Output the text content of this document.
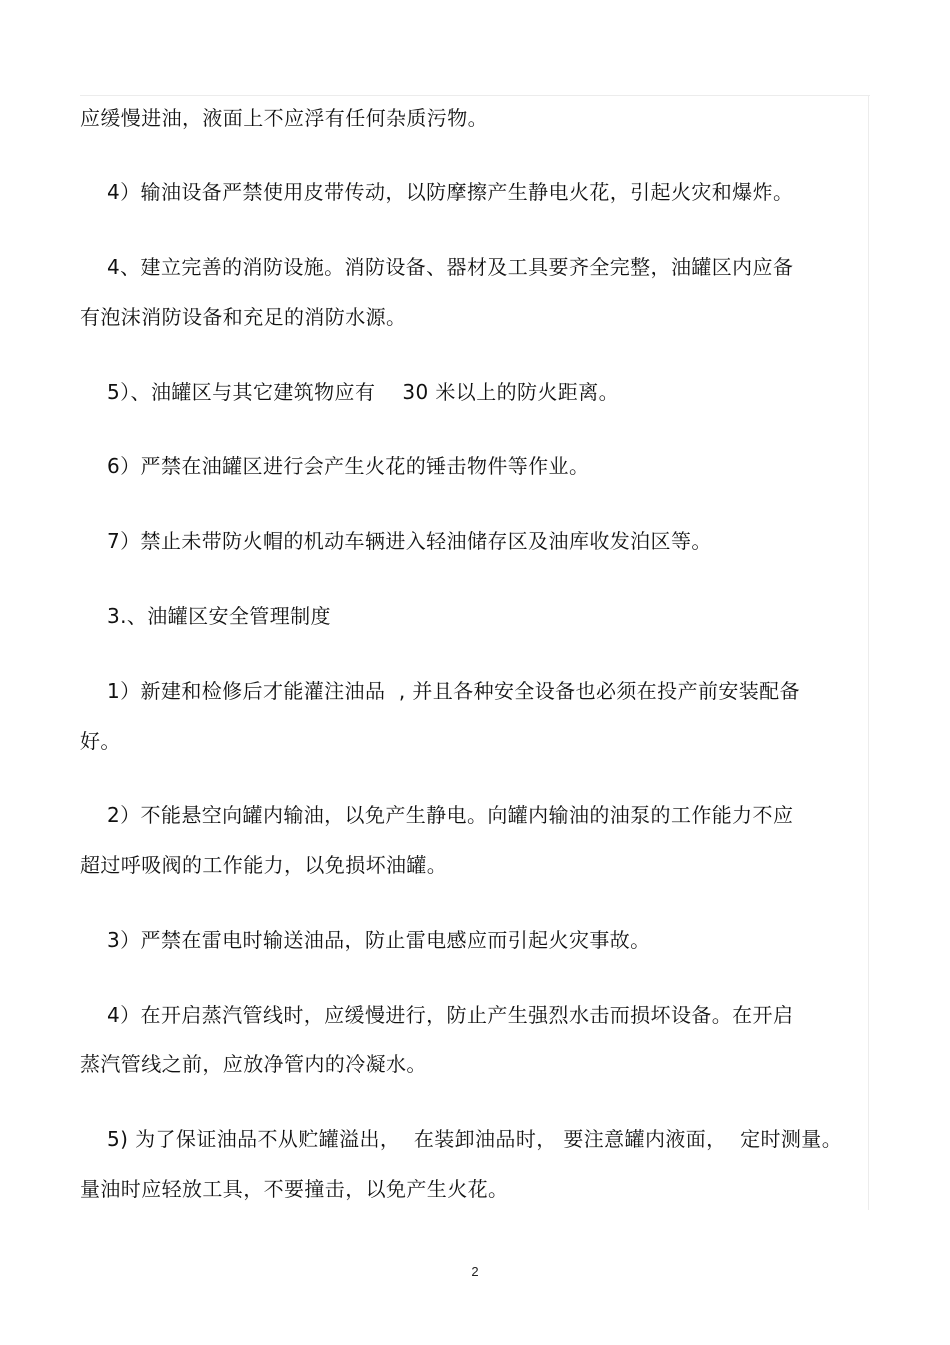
应缓慢进油，液面上不应浮有任何杂质污物。
4）输油设备严禁使用皮带传动，以防摩擦产生静电火花，引起火灾和爆炸。
4、建立完善的消防设施。消防设备、器材及工具要齐全完整，油罐区内应备
有泡沫消防设备和充足的消防水源。
5）、油罐区与其它建筑物应有    30 米以上的防火距离。
6）严禁在油罐区进行会产生火花的锤击物件等作业。
7）禁止未带防火帽的机动车辆进入轻油储存区及油库收发泊区等。
3.、油罐区安全管理制度
1）新建和检修后才能灌注油品  , 并且各种安全设备也必须在投产前安装配备
好。
2）不能悬空向罐内输油，以免产生静电。向罐内输油的油泵的工作能力不应
超过呼吸阀的工作能力，以免损坏油罐。
3）严禁在雷电时输送油品，防止雷电感应而引起火灾事故。
4）在开启蒸汽管线时，应缓慢进行，防止产生强烈水击而损坏设备。在开启
蒸汽管线之前，应放净管内的冷凝水。
5) 为了保证油品不从贮罐溢出，  在装卸油品时， 要注意罐内液面，  定时测量。
量油时应轻放工具，不要撞击，以免产生火花。
2
